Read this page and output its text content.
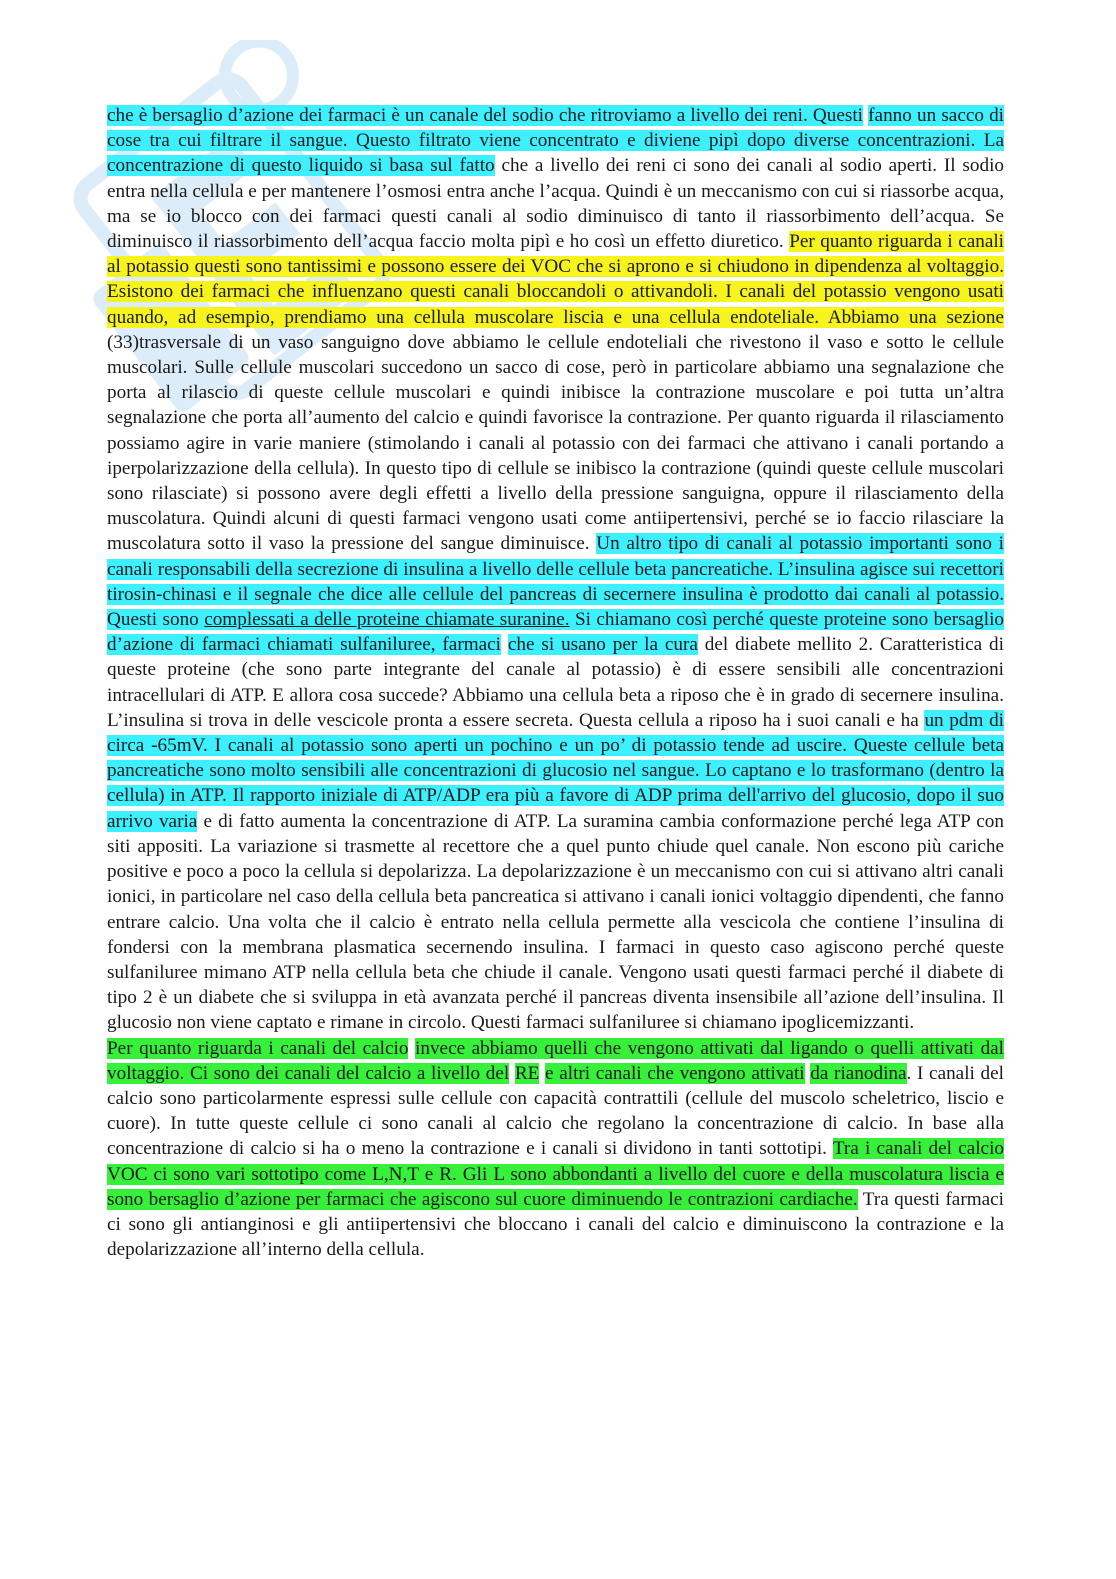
che è bersaglio d’azione dei farmaci è un canale del sodio che ritroviamo a livello dei reni. Questi fanno un sacco di cose tra cui filtrare il sangue. Questo filtrato viene concentrato e diviene pipì dopo diverse concentrazioni. La concentrazione di questo liquido si basa sul fatto che a livello dei reni ci sono dei canali al sodio aperti. Il sodio entra nella cellula e per mantenere l’osmosi entra anche l’acqua. Quindi è un meccanismo con cui si riassorbe acqua, ma se io blocco con dei farmaci questi canali al sodio diminuisco di tanto il riassorbimento dell’acqua. Se diminuisco il riassorbimento dell’acqua faccio molta pipì e ho così un effetto diuretico. Per quanto riguarda i canali al potassio questi sono tantissimi e possono essere dei VOC che si aprono e si chiudono in dipendenza al voltaggio. Esistono dei farmaci che influenzano questi canali bloccandoli o attivandoli. I canali del potassio vengono usati quando, ad esempio, prendiamo una cellula muscolare liscia e una cellula endoteliale. Abbiamo una sezione (33)trasversale di un vaso sanguigno dove abbiamo le cellule endoteliali che rivestono il vaso e sotto le cellule muscolari. Sulle cellule muscolari succedono un sacco di cose, però in particolare abbiamo una segnalazione che porta al rilascio di queste cellule muscolari e quindi inibisce la contrazione muscolare e poi tutta un’altra segnalazione che porta all’aumento del calcio e quindi favorisce la contrazione. Per quanto riguarda il rilasciamento possiamo agire in varie maniere (stimolando i canali al potassio con dei farmaci che attivano i canali portando a iperpolarizzazione della cellula). In questo tipo di cellule se inibisco la contrazione (quindi queste cellule muscolari sono rilasciate) si possono avere degli effetti a livello della pressione sanguigna, oppure il rilasciamento della muscolatura. Quindi alcuni di questi farmaci vengono usati come antiipertensivi, perché se io faccio rilasciare la muscolatura sotto il vaso la pressione del sangue diminuisce. Un altro tipo di canali al potassio importanti sono i canali responsabili della secrezione di insulina a livello delle cellule beta pancreatiche. L’insulina agisce sui recettori tirosin-chinasi e il segnale che dice alle cellule del pancreas di secernere insulina è prodotto dai canali al potassio. Questi sono complessati a delle proteine chiamate suranine. Si chiamano così perché queste proteine sono bersaglio d’azione di farmaci chiamati sulfaniluree, farmaci che si usano per la cura del diabete mellito 2. Caratteristica di queste proteine (che sono parte integrante del canale al potassio) è di essere sensibili alle concentrazioni intracellulari di ATP. E allora cosa succede? Abbiamo una cellula beta a riposo che è in grado di secernere insulina. L’insulina si trova in delle vescicole pronta a essere secreta. Questa cellula a riposo ha i suoi canali e ha un pdm di circa -65mV. I canali al potassio sono aperti un pochino e un po’ di potassio tende ad uscire. Queste cellule beta pancreatiche sono molto sensibili alle concentrazioni di glucosio nel sangue. Lo captano e lo trasformano (dentro la cellula) in ATP. Il rapporto iniziale di ATP/ADP era più a favore di ADP prima dell'arrivo del glucosio, dopo il suo arrivo varia e di fatto aumenta la concentrazione di ATP. La suramina cambia conformazione perché lega ATP con siti appositi. La variazione si trasmette al recettore che a quel punto chiude quel canale. Non escono più cariche positive e poco a poco la cellula si depolarizza. La depolarizzazione è un meccanismo con cui si attivano altri canali ionici, in particolare nel caso della cellula beta pancreatica si attivano i canali ionici voltaggio dipendenti, che fanno entrare calcio. Una volta che il calcio è entrato nella cellula permette alla vescicola che contiene l’insulina di fondersi con la membrana plasmatica secernendo insulina. I farmaci in questo caso agiscono perché queste sulfaniluree mimano ATP nella cellula beta che chiude il canale. Vengono usati questi farmaci perché il diabete di tipo 2 è un diabete che si sviluppa in età avanzata perché il pancreas diventa insensibile all’azione dell’insulina. Il glucosio non viene captato e rimane in circolo. Questi farmaci sulfaniluree si chiamano ipoglicemizzanti.

Per quanto riguarda i canali del calcio invece abbiamo quelli che vengono attivati dal ligando o quelli attivati dal voltaggio. Ci sono dei canali del calcio a livello del RE e altri canali che vengono attivati da rianodina. I canali del calcio sono particolarmente espressi sulle cellule con capacità contrattili (cellule del muscolo scheletrico, liscio e cuore). In tutte queste cellule ci sono canali al calcio che regolano la concentrazione di calcio. In base alla concentrazione di calcio si ha o meno la contrazione e i canali si dividono in tanti sottotipi. Tra i canali del calcio VOC ci sono vari sottotipo come L,N,T e R. Gli L sono abbondanti a livello del cuore e della muscolatura liscia e sono bersaglio d’azione per farmaci che agiscono sul cuore diminuendo le contrazioni cardiache. Tra questi farmaci ci sono gli antianginosi e gli antiipertensivi che bloccano i canali del calcio e diminuiscono la contrazione e la depolarizzazione all’interno della cellula.
